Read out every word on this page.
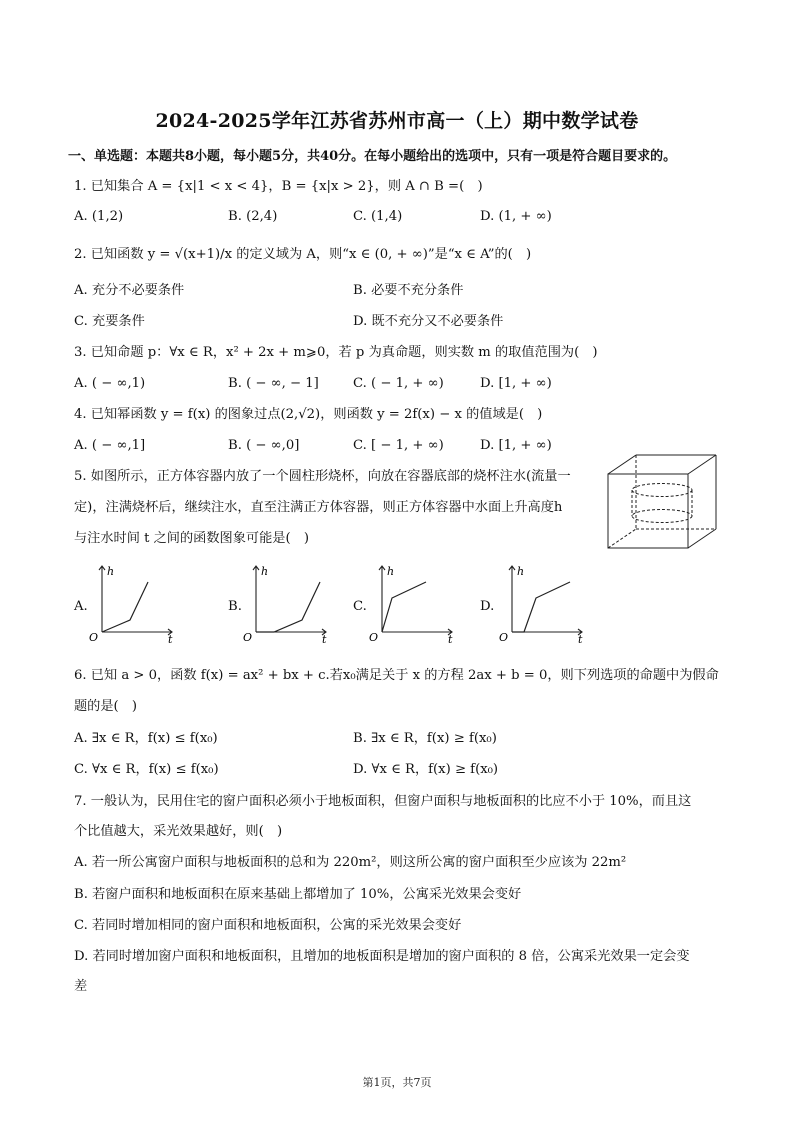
2024-2025学年江苏省苏州市高一（上）期中数学试卷
一、单选题：本题共8小题，每小题5分，共40分。在每小题给出的选项中，只有一项是符合题目要求的。
1. 已知集合 A = {x|1 < x < 4}，B = {x|x > 2}，则 A ∩ B =(　)
A. (1,2)	B. (2,4)	C. (1,4)	D. (1, + ∞)
2. 已知函数 y = √(x+1)/x 的定义域为 A，则“x ∈ (0, + ∞)”是“x ∈ A”的(　)
A. 充分不必要条件	B. 必要不充分条件
C. 充要条件	D. 既不充分又不必要条件
3. 已知命题 p：∀x ∈ R，x² + 2x + m⩾0，若 p 为真命题，则实数 m 的取值范围为(　)
A. ( − ∞,1)	B. ( − ∞, − 1]	C. ( − 1, + ∞)	D. [1, + ∞)
4. 已知幂函数 y = f(x) 的图象过点(2,√2)，则函数 y = 2f(x) − x 的值域是(　)
A. ( − ∞,1]	B. ( − ∞,0]	C. [ − 1, + ∞)	D. [1, + ∞)
5. 如图所示，正方体容器内放了一个圆柱形烧杯，向放在容器底部的烧杯注水(流量一
定)，注满烧杯后，继续注水，直至注满正方体容器，则正方体容器中水面上升高度h
与注水时间 t 之间的函数图象可能是(　)
A.
O
h
t
B.
O
h
t
C.
O
h
t
D.
O
h
t
6. 已知 a > 0，函数 f(x) = ax² + bx + c.若x₀满足关于 x 的方程 2ax + b = 0，则下列选项的命题中为假命
题的是(　)
A. ∃x ∈ R，f(x) ≤ f(x₀)	B. ∃x ∈ R，f(x) ≥ f(x₀)
C. ∀x ∈ R，f(x) ≤ f(x₀)	D. ∀x ∈ R，f(x) ≥ f(x₀)
7. 一般认为，民用住宅的窗户面积必须小于地板面积，但窗户面积与地板面积的比应不小于 10%，而且这
个比值越大，采光效果越好，则(　)
A. 若一所公寓窗户面积与地板面积的总和为 220m²，则这所公寓的窗户面积至少应该为 22m²
B. 若窗户面积和地板面积在原来基础上都增加了 10%，公寓采光效果会变好
C. 若同时增加相同的窗户面积和地板面积，公寓的采光效果会变好
D. 若同时增加窗户面积和地板面积，且增加的地板面积是增加的窗户面积的 8 倍，公寓采光效果一定会变
差
第1页，共7页
